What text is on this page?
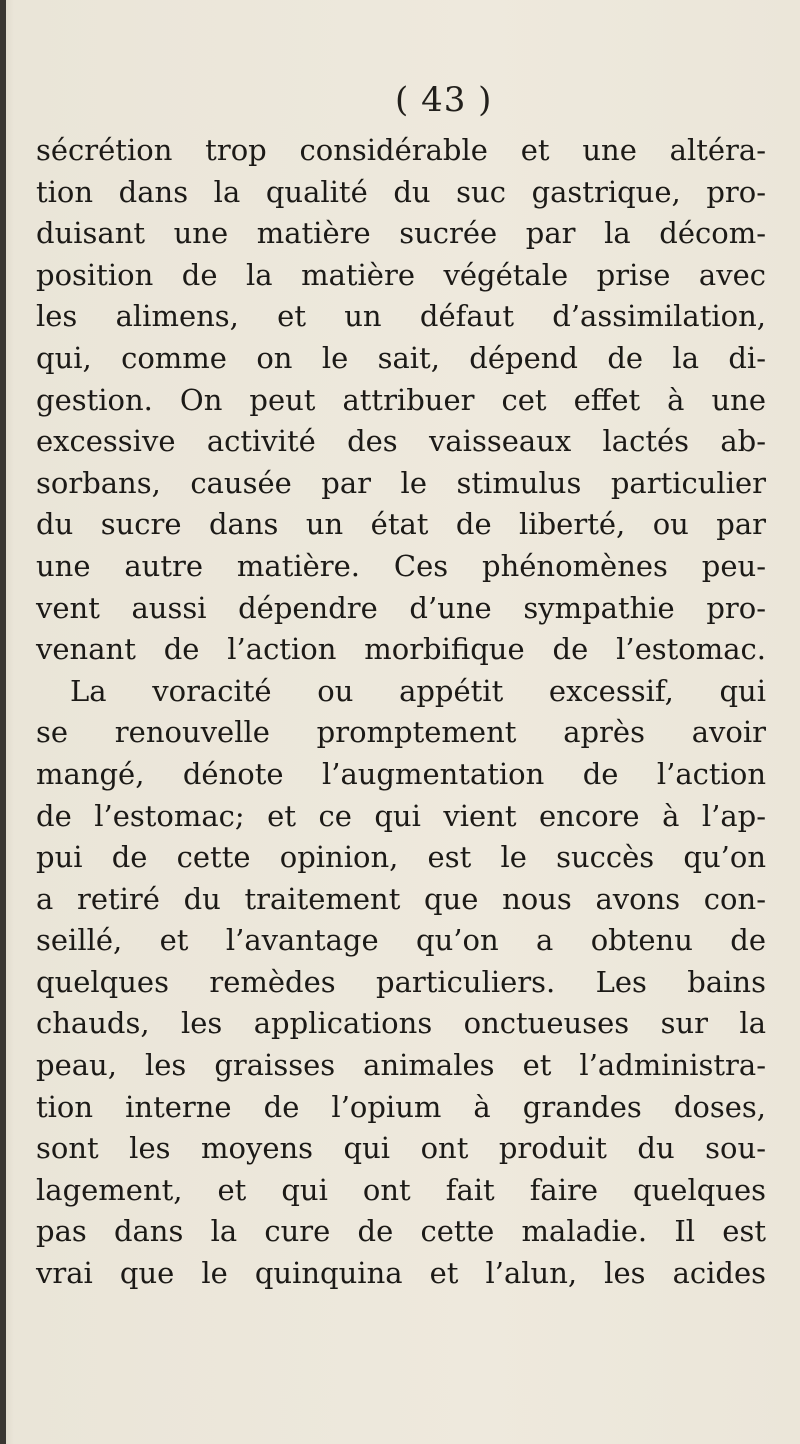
( 43 )
sécrétion trop considérable et une altéra-
tion dans la qualité du suc gastrique, pro-
duisant une matière sucrée par la décom-
position de la matière végétale prise avec
les alimens, et un défaut d’assimilation,
qui, comme on le sait, dépend de la di-
gestion. On peut attribuer cet effet à une
excessive activité des vaisseaux lactés ab-
sorbans, causée par le stimulus particulier
du sucre dans un état de liberté, ou par
une autre matière. Ces phénomènes peu-
vent aussi dépendre d’une sympathie pro-
venant de l’action morbifique de l’estomac.
La voracité ou appétit excessif, qui
se renouvelle promptement après avoir
mangé, dénote l’augmentation de l’action
de l’estomac; et ce qui vient encore à l’ap-
pui de cette opinion, est le succès qu’on
a retiré du traitement que nous avons con-
seillé, et l’avantage qu’on a obtenu de
quelques remèdes particuliers. Les bains
chauds, les applications onctueuses sur la
peau, les graisses animales et l’administra-
tion interne de l’opium à grandes doses,
sont les moyens qui ont produit du sou-
lagement, et qui ont fait faire quelques
pas dans la cure de cette maladie. Il est
vrai que le quinquina et l’alun, les acides
